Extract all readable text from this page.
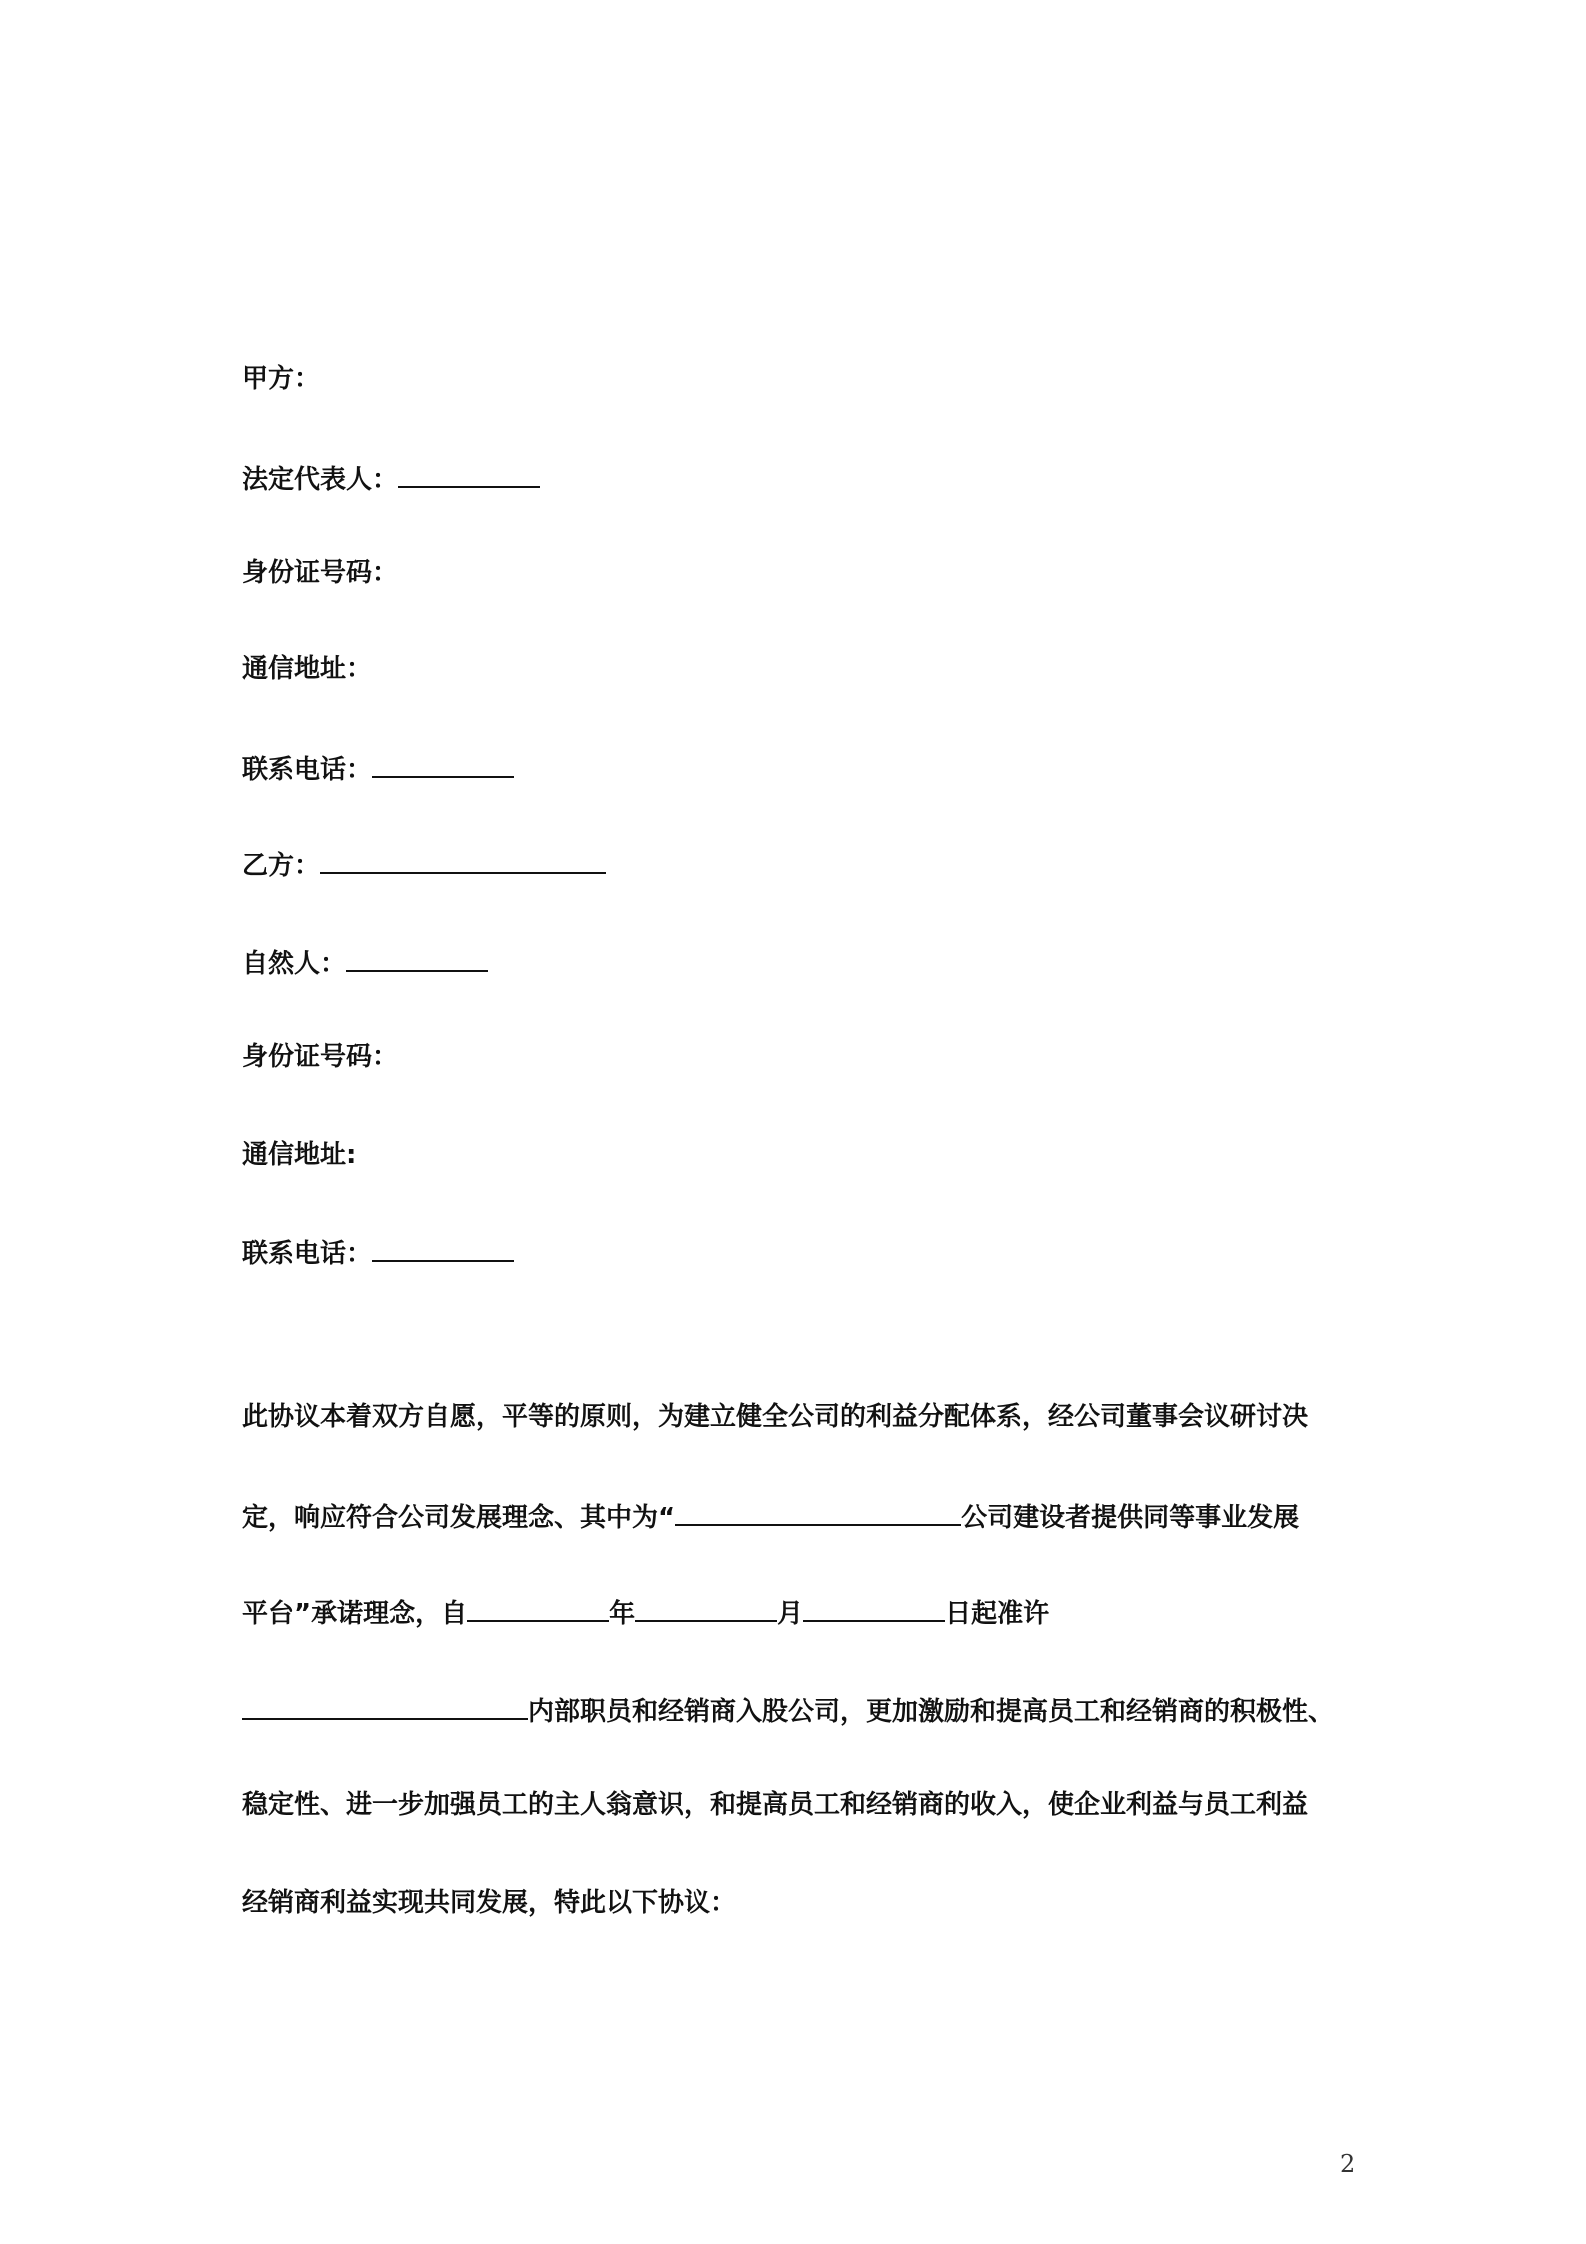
甲方：
法定代表人：
身份证号码：
通信地址：
联系电话：
乙方：
自然人：
身份证号码：
通信地址:
联系电话：
此协议本着双方自愿，平等的原则，为建立健全公司的利益分配体系，经公司董事会议研讨决
定，响应符合公司发展理念、其中为“	公司建设者提供同等事业发展
平台”承诺理念，自	年	月	日起准许
内部职员和经销商入股公司，更加激励和提高员工和经销商的积极性、
稳定性、进一步加强员工的主人翁意识，和提高员工和经销商的收入，使企业利益与员工利益
经销商利益实现共同发展，特此以下协议：
2
